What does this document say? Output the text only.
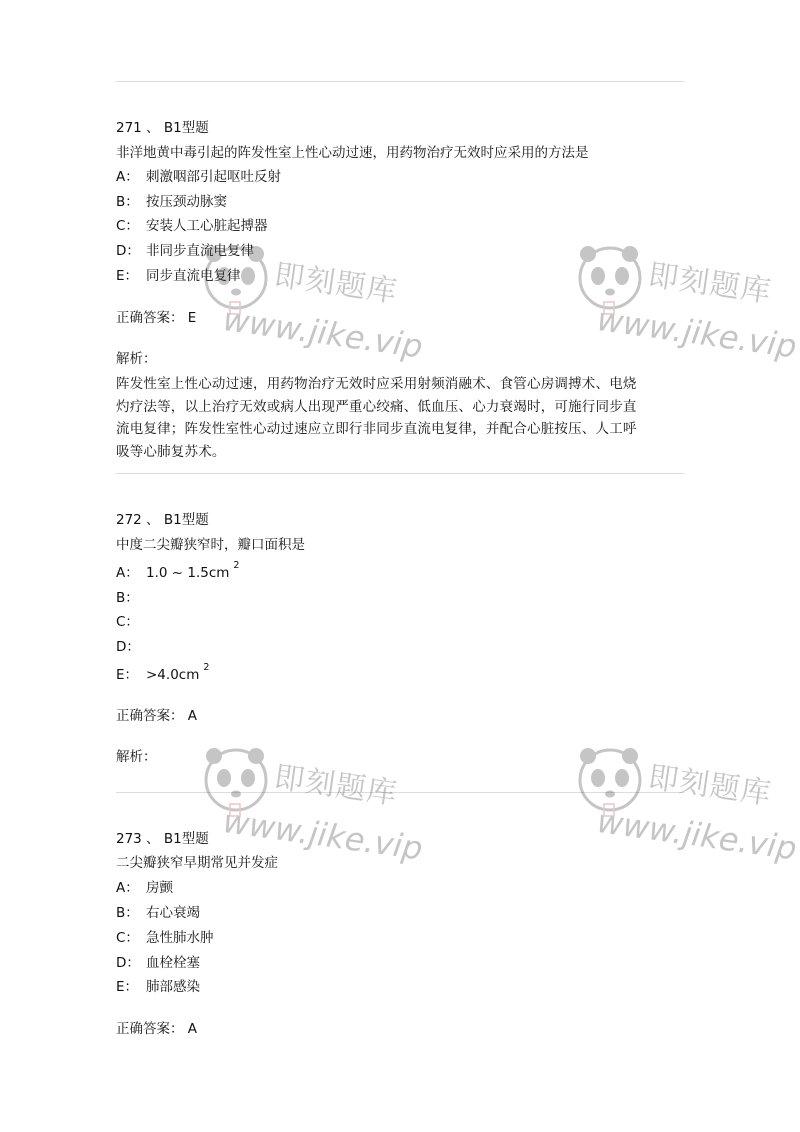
271 、 B1型题
非洋地黄中毒引起的阵发性室上性心动过速，用药物治疗无效时应采用的方法是
A： 刺激咽部引起呕吐反射
B： 按压颈动脉窦
C： 安装人工心脏起搏器
D： 非同步直流电复律
E： 同步直流电复律
正确答案： E
解析：
阵发性室上性心动过速，用药物治疗无效时应采用射频消融术、食管心房调搏术、电烧
灼疗法等，以上治疗无效或病人出现严重心绞痛、低血压、心力衰竭时，可施行同步直
流电复律；阵发性室性心动过速应立即行非同步直流电复律，并配合心脏按压、人工呼
吸等心肺复苏术。
272 、 B1型题
中度二尖瓣狭窄时，瓣口面积是
A： 1.0 ~ 1.5cm $^2$
B：
C：
D：
E： >4.0cm $^2$
正确答案： A
解析：
273 、 B1型题
二尖瓣狭窄早期常见并发症
A： 房颤
B： 右心衰竭
C： 急性肺水肿
D： 血栓栓塞
E： 肺部感染
正确答案： A
即刻题库
www.jike.vip
即刻题库
www.jike.vip
即刻题库
www.jike.vip
即刻题库
www.jike.vip
